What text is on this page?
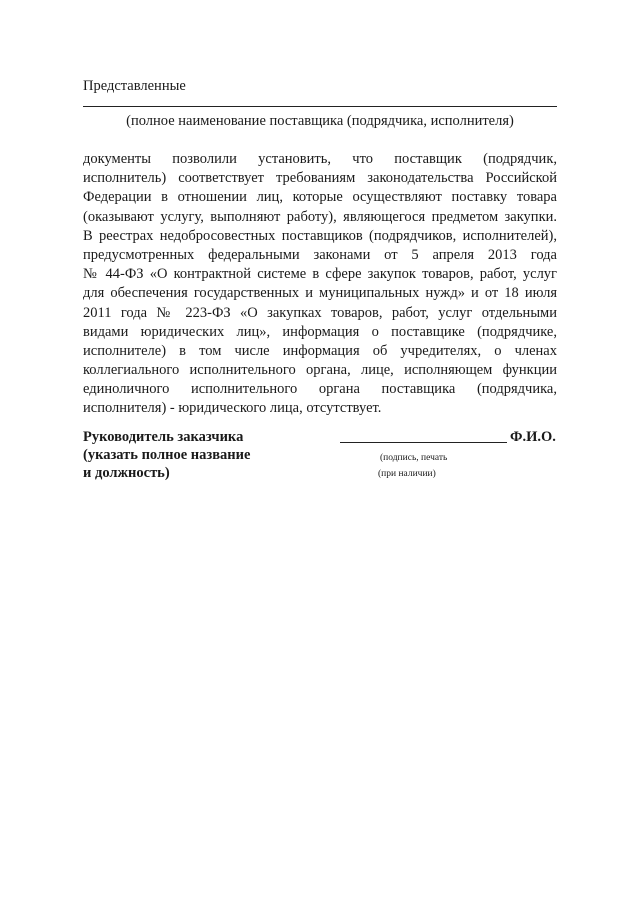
Представленные
(полное наименование поставщика (подрядчика, исполнителя)
документы позволили установить, что поставщик (подрядчик,
исполнитель) соответствует требованиям законодательства Российской
Федерации в отношении лиц, которые осуществляют поставку товара
(оказывают услугу, выполняют работу), являющегося предметом закупки.
В реестрах недобросовестных поставщиков (подрядчиков, исполнителей),
предусмотренных федеральными законами от 5 апреля 2013 года
№ 44-ФЗ «О контрактной системе в сфере закупок товаров, работ, услуг
для обеспечения государственных и муниципальных нужд» и от 18 июля
2011 года № 223-ФЗ «О закупках товаров, работ, услуг отдельными
видами юридических лиц», информация о поставщике (подрядчике,
исполнителе) в том числе информация об учредителях, о членах
коллегиального исполнительного органа, лице, исполняющем функции
единоличного исполнительного органа поставщика (подрядчика,
исполнителя) - юридического лица, отсутствует.
Руководитель заказчика
(указать полное название
и должность)
Ф.И.О.
(подпись, печать
(при наличии)
